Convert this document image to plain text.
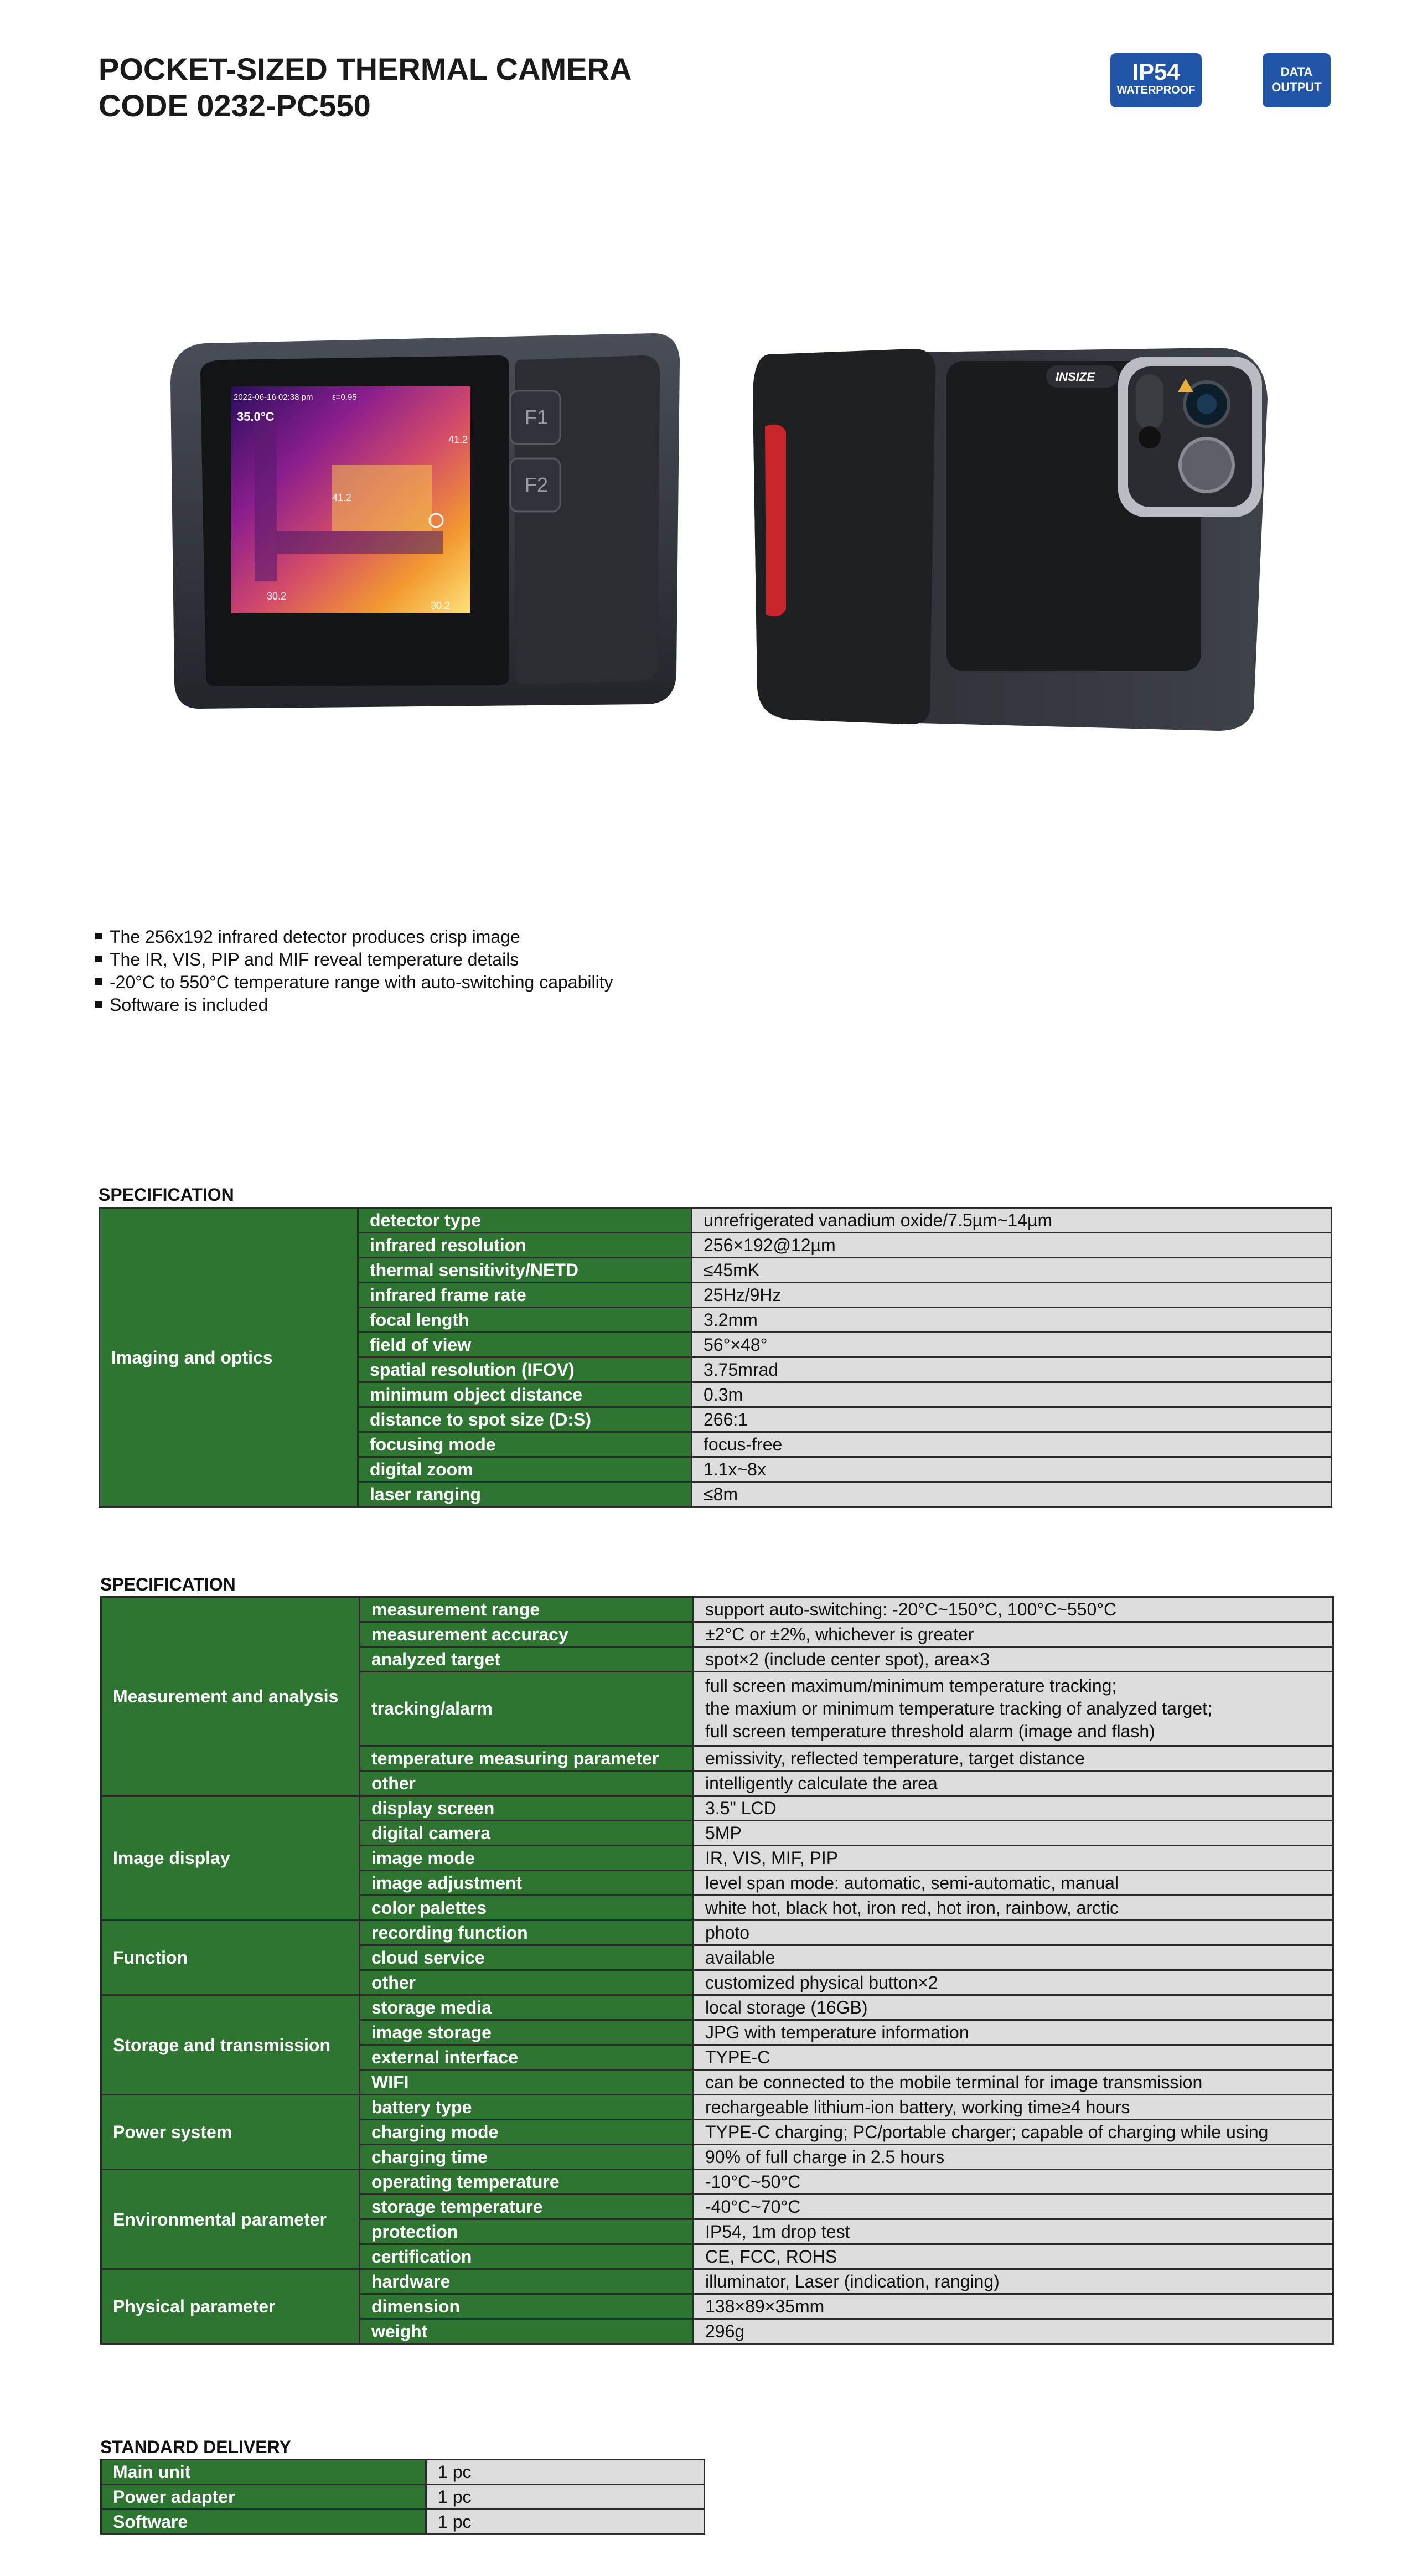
POCKET-SIZED THERMAL CAMERA
CODE 0232-PC550
IP54
WATERPROOF
DATA
OUTPUT
2022-06-16 02:38 pm ε=0.95
35.0°C
41.2
41.2
30.2
30.2
F1
F2
INSIZE
The 256x192 infrared detector produces crisp image
The IR, VIS, PIP and MIF reveal temperature details
-20°C to 550°C temperature range with auto-switching capability
Software is included
SPECIFICATION
Imaging and optics	detector type	unrefrigerated vanadium oxide/7.5µm~14µm
	infrared resolution	256×192@12µm
	thermal sensitivity/NETD	≤45mK
	infrared frame rate	25Hz/9Hz
	focal length	3.2mm
	field of view	56°×48°
	spatial resolution (IFOV)	3.75mrad
	minimum object distance	0.3m
	distance to spot size (D:S)	266:1
	focusing mode	focus-free
	digital zoom	1.1x~8x
	laser ranging	≤8m
SPECIFICATION
Measurement and analysis	measurement range	support auto-switching: -20°C~150°C, 100°C~550°C
	measurement accuracy	±2°C or ±2%, whichever is greater
	analyzed target	spot×2 (include center spot), area×3
	tracking/alarm	full screen maximum/minimum temperature tracking;
the maxium or minimum temperature tracking of analyzed target;
full screen temperature threshold alarm (image and flash)
	temperature measuring parameter	emissivity, reflected temperature, target distance
	other	intelligently calculate the area
Image display	display screen	3.5" LCD
	digital camera	5MP
	image mode	IR, VIS, MIF, PIP
	image adjustment	level span mode: automatic, semi-automatic, manual
	color palettes	white hot, black hot, iron red, hot iron, rainbow, arctic
Function	recording function	photo
	cloud service	available
	other	customized physical button×2
Storage and transmission	storage media	local storage (16GB)
	image storage	JPG with temperature information
	external interface	TYPE-C
	WIFI	can be connected to the mobile terminal for image transmission
Power system	battery type	rechargeable lithium-ion battery, working time≥4 hours
	charging mode	TYPE-C charging; PC/portable charger; capable of charging while using
	charging time	90% of full charge in 2.5 hours
Environmental parameter	operating temperature	-10°C~50°C
	storage temperature	-40°C~70°C
	protection	IP54, 1m drop test
	certification	CE, FCC, ROHS
Physical parameter	hardware	illuminator, Laser (indication, ranging)
	dimension	138×89×35mm
	weight	296g
STANDARD DELIVERY
Main unit	1 pc
Power adapter	1 pc
Software	1 pc
